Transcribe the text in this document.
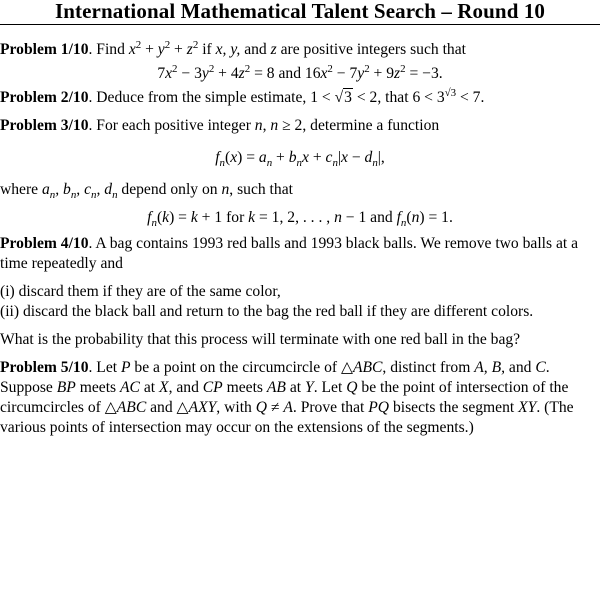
International Mathematical Talent Search – Round 10

Problem 1/10. Find $x^2 + y^2 + z^2$ if x, y, and z are positive integers such that

$7x^2 - 3y^2 + 4z^2 = 8$ and $16x^2 - 7y^2 + 9z^2 = -3$.

Problem 2/10. Deduce from the simple estimate, 1 < √3 < 2, that $6 < 3^{√3} < 7$.

Problem 3/10. For each positive integer n, n ≥ 2, determine a function

$f_n(x) = a_n + b_nx + c_n|x - d_n|$,

where $a_n$, $b_n$, $c_n$, $d_n$ depend only on n, such that

$f_n(k) = k + 1$ for k = 1, 2, . . . , n − 1 and $f_n(n) = 1$.

Problem 4/10. A bag contains 1993 red balls and 1993 black balls. We remove two balls at a time repeatedly and

(i) discard them if they are of the same color,

(ii) discard the black ball and return to the bag the red ball if they are different colors.

What is the probability that this process will terminate with one red ball in the bag?

Problem 5/10. Let P be a point on the circumcircle of △ABC, distinct from A, B, and C. Suppose BP meets AC at X, and CP meets AB at Y. Let Q be the point of intersection of the circumcircles of △ABC and △AXY, with Q ≠ A. Prove that PQ bisects the segment XY. (The various points of intersection may occur on the extensions of the segments.)
